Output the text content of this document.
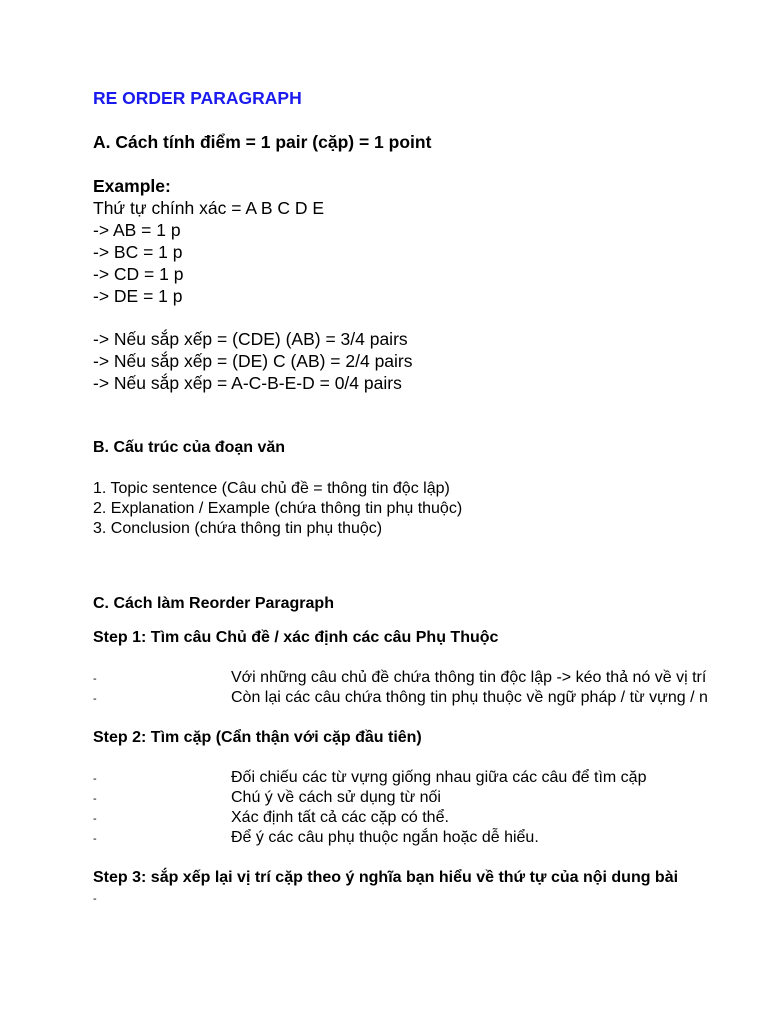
RE ORDER PARAGRAPH
A. Cách tính điểm = 1 pair (cặp) = 1 point
Example:
Thứ tự chính xác = A B C D E
-> AB = 1 p
-> BC = 1 p
-> CD = 1 p
-> DE = 1 p
-> Nếu sắp xếp = (CDE) (AB) = 3/4 pairs
-> Nếu sắp xếp = (DE) C (AB) = 2/4 pairs
-> Nếu sắp xếp = A-C-B-E-D = 0/4 pairs
B. Cấu trúc của đoạn văn
1. Topic sentence (Câu chủ đề = thông tin độc lập)
2. Explanation / Example (chứa thông tin phụ thuộc)
3. Conclusion (chứa thông tin phụ thuộc)
C. Cách làm Reorder Paragraph
Step 1: Tìm câu Chủ đề / xác định các câu Phụ Thuộc
-	Với những câu chủ đề chứa thông tin độc lập -> kéo thả nó về vị trí
-	Còn lại các câu chứa thông tin phụ thuộc về ngữ pháp / từ vựng / n
Step 2: Tìm cặp (Cẩn thận với cặp đầu tiên)
-	Đối chiếu các từ vựng giống nhau giữa các câu để tìm cặp
-	Chú ý về cách sử dụng từ nối
-	Xác định tất cả các cặp có thể.
-	Để ý các câu phụ thuộc ngắn hoặc dễ hiểu.
Step 3: sắp xếp lại vị trí cặp theo ý nghĩa bạn hiểu về thứ tự của nội dung bài
-
